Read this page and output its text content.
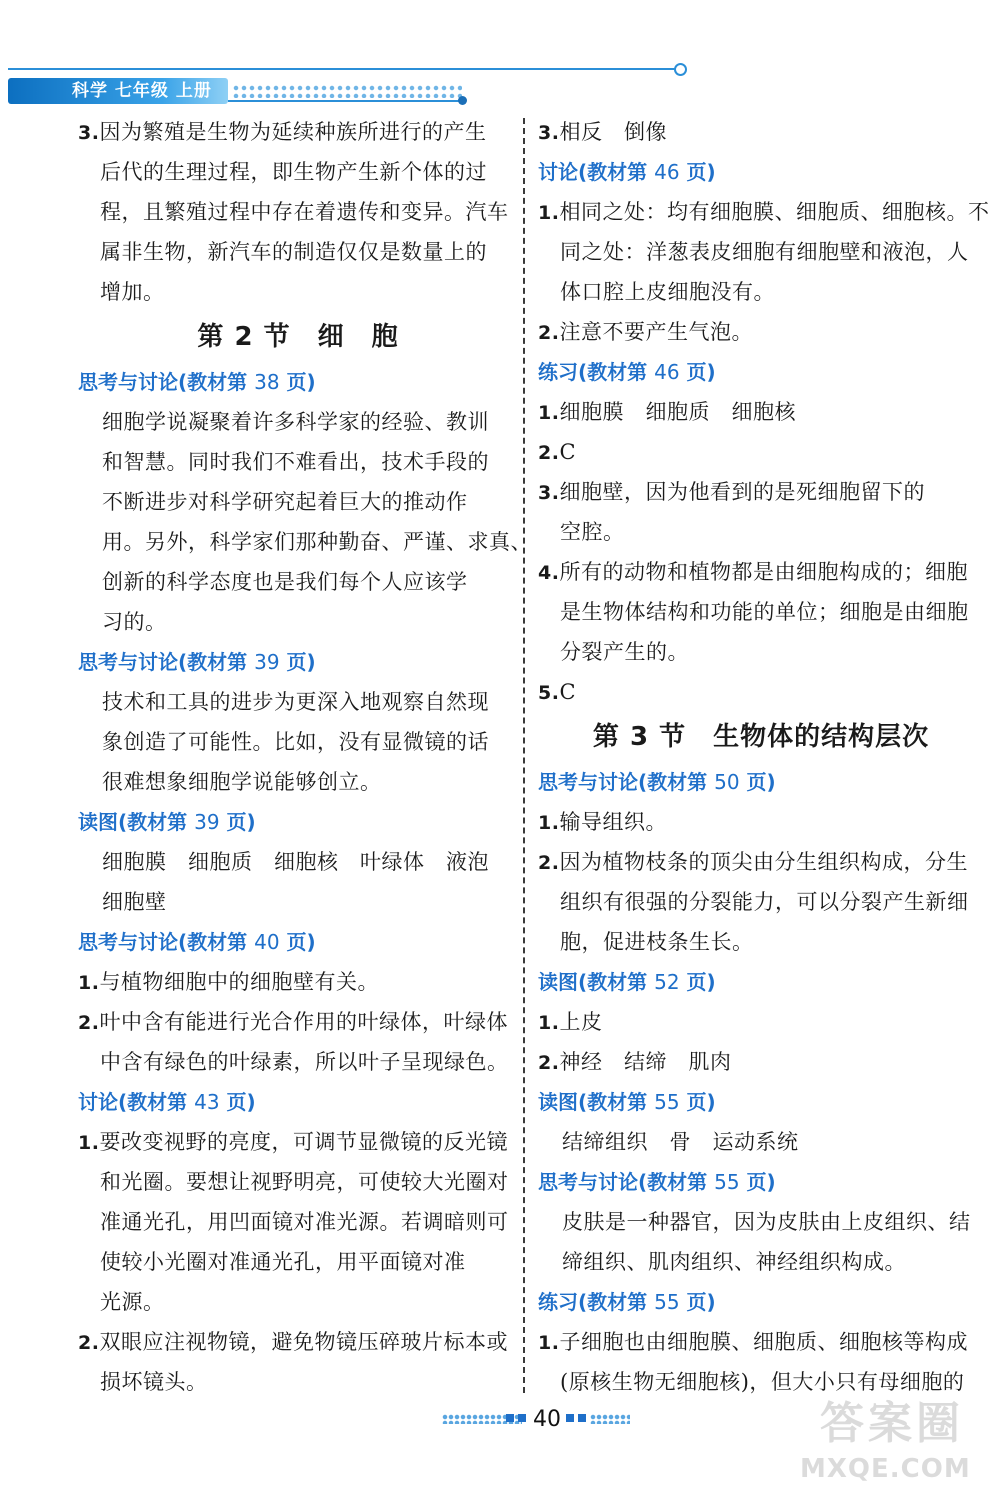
科学 七年级 上册
3.因为繁殖是生物为延续种族所进行的产生
后代的生理过程，即生物产生新个体的过
程，且繁殖过程中存在着遗传和变异。汽车
属非生物，新汽车的制造仅仅是数量上的
增加。
第 2 节　细　胞
思考与讨论(教材第 38 页)
细胞学说凝聚着许多科学家的经验、教训
和智慧。同时我们不难看出，技术手段的
不断进步对科学研究起着巨大的推动作
用。另外，科学家们那种勤奋、严谨、求真、
创新的科学态度也是我们每个人应该学
习的。
思考与讨论(教材第 39 页)
技术和工具的进步为更深入地观察自然现
象创造了可能性。比如，没有显微镜的话
很难想象细胞学说能够创立。
读图(教材第 39 页)
细胞膜　细胞质　细胞核　叶绿体　液泡
细胞壁
思考与讨论(教材第 40 页)
1.与植物细胞中的细胞壁有关。
2.叶中含有能进行光合作用的叶绿体，叶绿体
中含有绿色的叶绿素，所以叶子呈现绿色。
讨论(教材第 43 页)
1.要改变视野的亮度，可调节显微镜的反光镜
和光圈。要想让视野明亮，可使较大光圈对
准通光孔，用凹面镜对准光源。若调暗则可
使较小光圈对准通光孔，用平面镜对准
光源。
2.双眼应注视物镜，避免物镜压碎玻片标本或
损坏镜头。
3.相反　倒像
讨论(教材第 46 页)
1.相同之处：均有细胞膜、细胞质、细胞核。不
同之处：洋葱表皮细胞有细胞壁和液泡，人
体口腔上皮细胞没有。
2.注意不要产生气泡。
练习(教材第 46 页)
1.细胞膜　细胞质　细胞核
2.C
3.细胞壁，因为他看到的是死细胞留下的
空腔。
4.所有的动物和植物都是由细胞构成的；细胞
是生物体结构和功能的单位；细胞是由细胞
分裂产生的。
5.C
第 3 节　生物体的结构层次
思考与讨论(教材第 50 页)
1.输导组织。
2.因为植物枝条的顶尖由分生组织构成，分生
组织有很强的分裂能力，可以分裂产生新细
胞，促进枝条生长。
读图(教材第 52 页)
1.上皮
2.神经　结缔　肌肉
读图(教材第 55 页)
结缔组织　骨　运动系统
思考与讨论(教材第 55 页)
皮肤是一种器官，因为皮肤由上皮组织、结
缔组织、肌肉组织、神经组织构成。
练习(教材第 55 页)
1.子细胞也由细胞膜、细胞质、细胞核等构成
(原核生物无细胞核)，但大小只有母细胞的
40	答案圈
MXQE.COM
